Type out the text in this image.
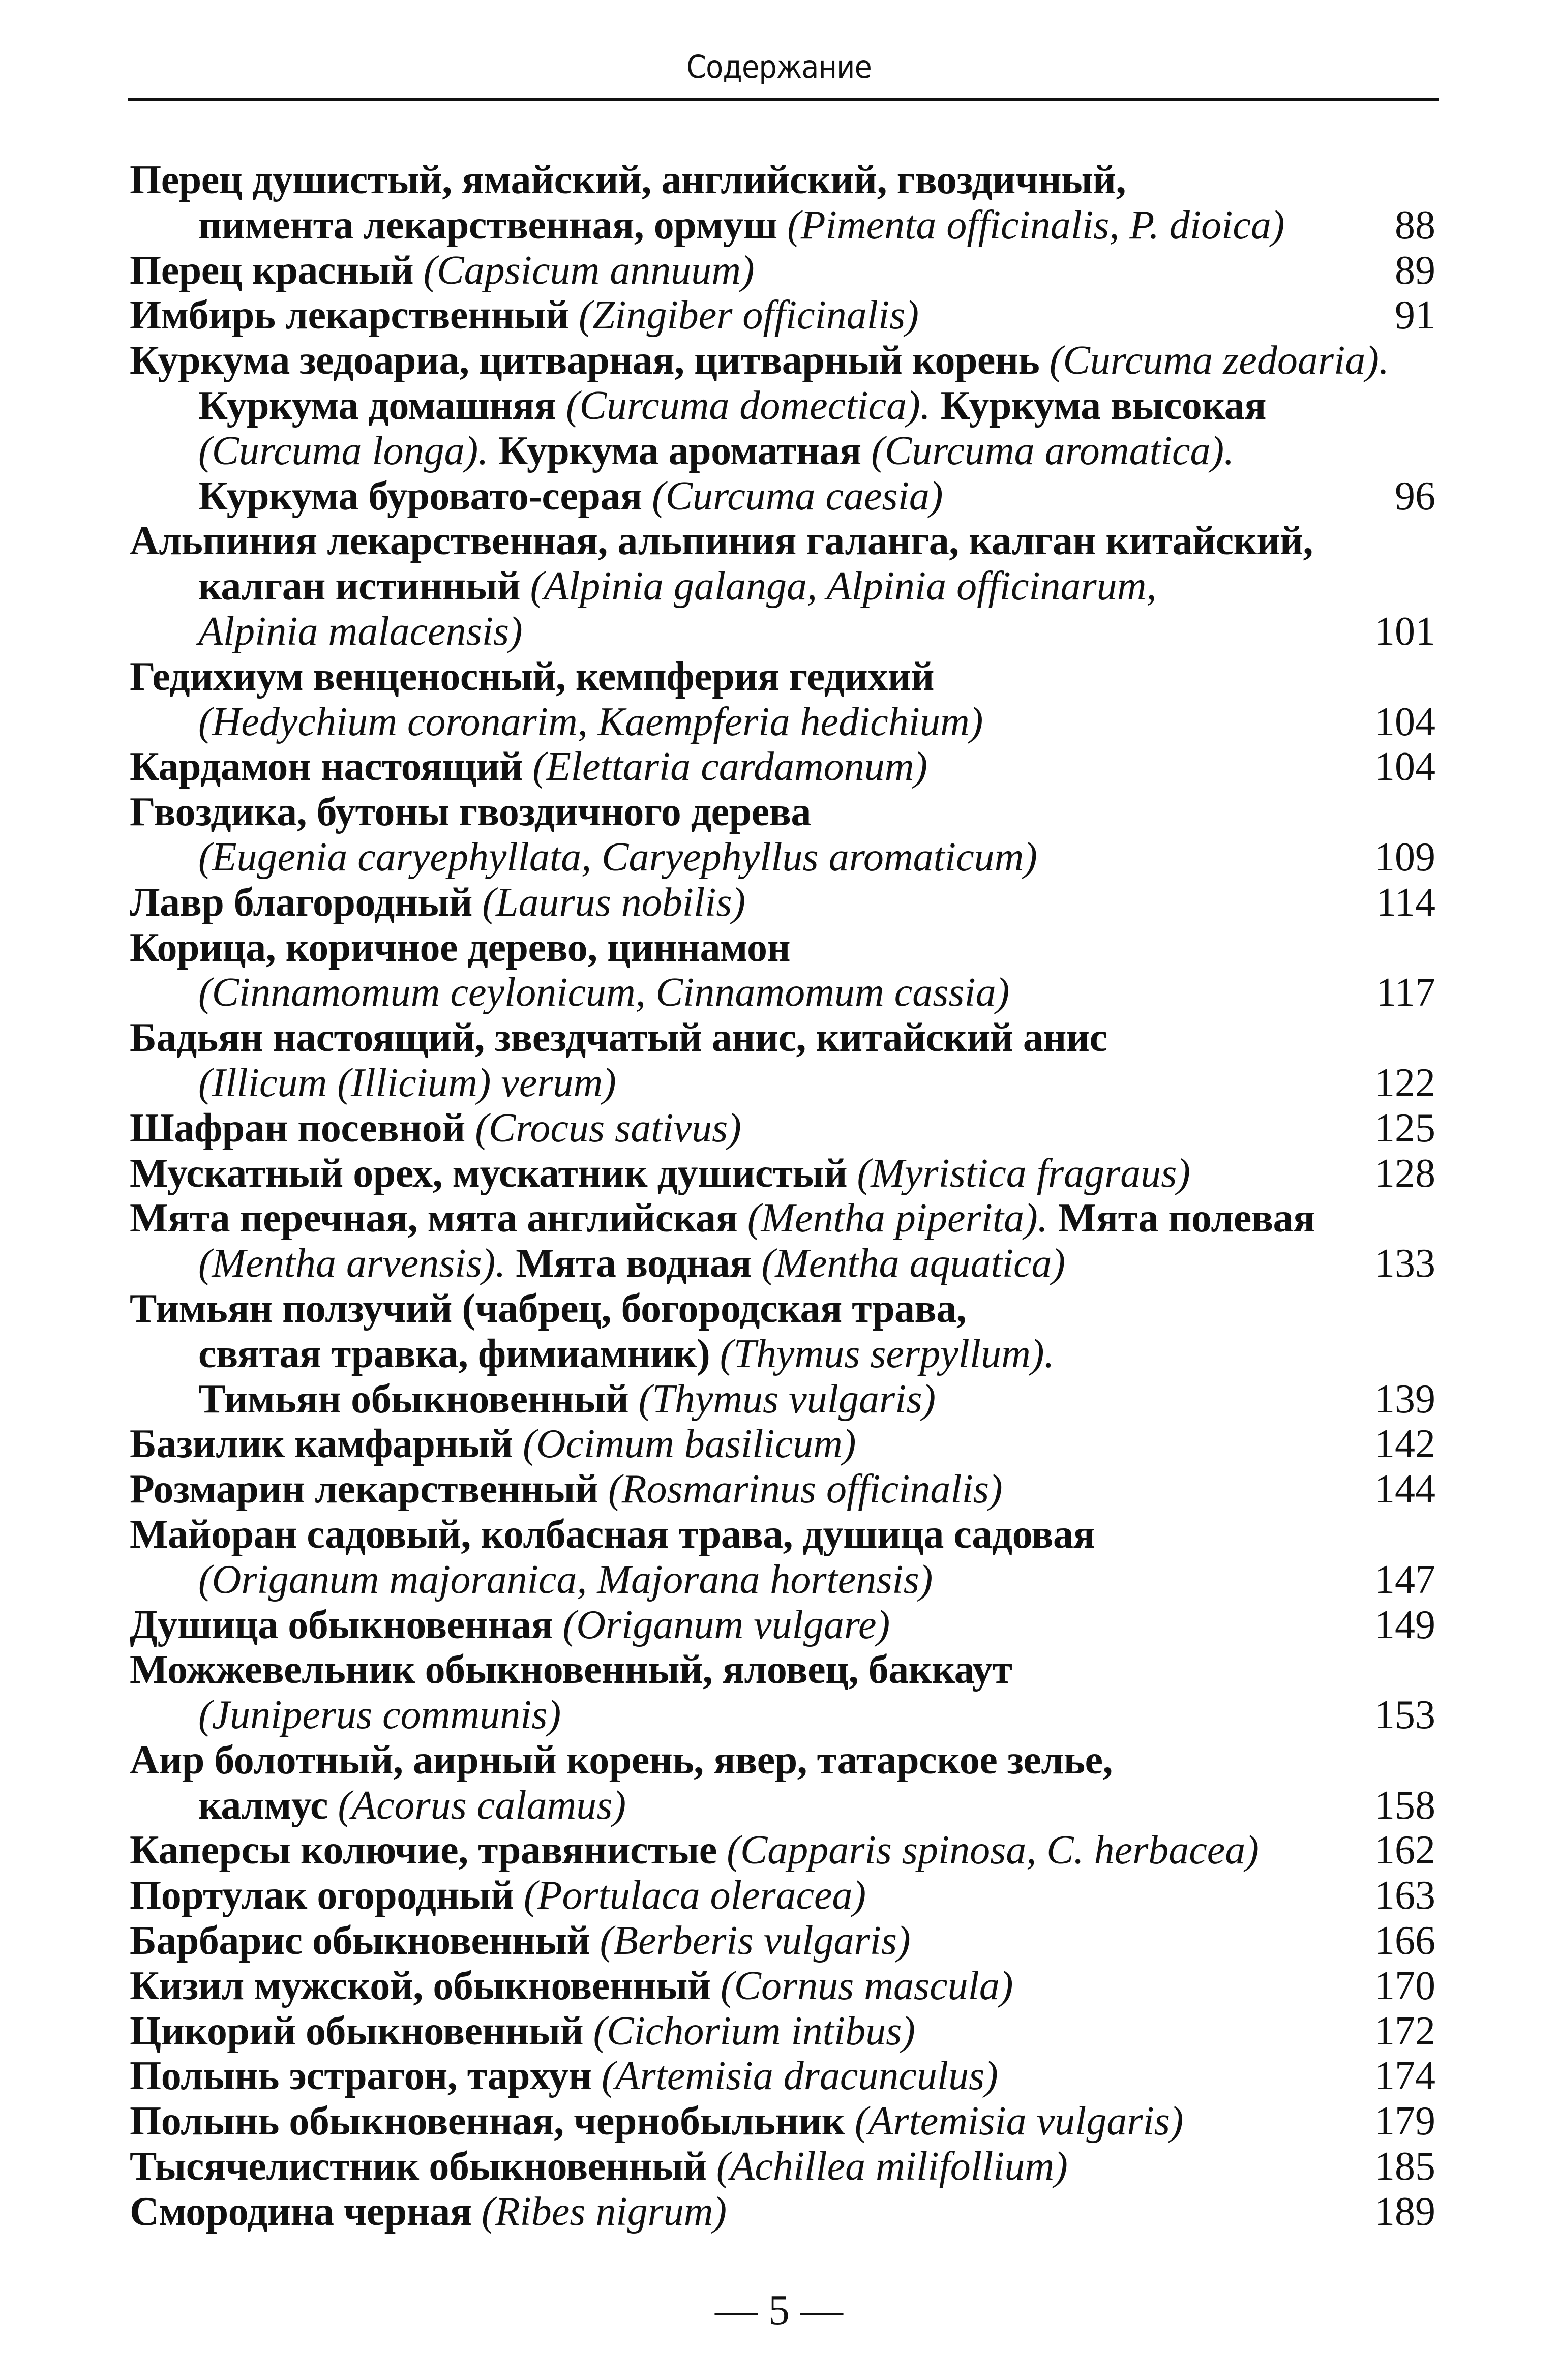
Содержание
Перец душистый, ямайский, английский, гвоздичный,
пимента лекарственная, ормуш (Pimenta officinalis, P. dioica)	88
Перец красный (Capsicum annuum)	89
Имбирь лекарственный (Zingiber officinalis)	91
Куркума зедоариа, цитварная, цитварный корень (Curcuma zedoaria).
Куркума домашняя (Curcuma domectica). Куркума высокая
(Curcuma longa). Куркума ароматная (Curcuma aromatica).
Куркума буровато-серая (Curcuma caesia)	96
Альпиния лекарственная, альпиния галанга, калган китайский,
калган истинный (Alpinia galanga, Alpinia officinarum,
Alpinia malacensis)	101
Гедихиум венценосный, кемпферия гедихий
(Hedychium coronarim, Kaempferia hedichium)	104
Кардамон настоящий (Elettaria cardamonum)	104
Гвоздика, бутоны гвоздичного дерева
(Eugenia caryephyllata, Caryephyllus aromaticum)	109
Лавр благородный (Laurus nobilis)	114
Корица, коричное дерево, циннамон
(Cinnamomum ceylonicum, Cinnamomum cassia)	117
Бадьян настоящий, звездчатый анис, китайский анис
(Illicum (Illicium) verum)	122
Шафран посевной (Crocus sativus)	125
Мускатный орех, мускатник душистый (Myristica fragraus)	128
Мята перечная, мята английская (Mentha piperita). Мята полевая
(Mentha arvensis). Мята водная (Mentha aquatica)	133
Тимьян ползучий (чабрец, богородская трава,
святая травка, фимиамник) (Thymus serpyllum).
Тимьян обыкновенный (Thymus vulgaris)	139
Базилик камфарный (Ocimum basilicum)	142
Розмарин лекарственный (Rosmarinus officinalis)	144
Майоран садовый, колбасная трава, душица садовая
(Origanum majoranica, Majorana hortensis)	147
Душица обыкновенная (Origanum vulgare)	149
Можжевельник обыкновенный, яловец, баккаут
(Juniperus communis)	153
Аир болотный, аирный корень, явер, татарское зелье,
калмус (Acorus calamus)	158
Каперсы колючие, травянистые (Capparis spinosa, C. herbacea)	162
Портулак огородный (Portulaca oleracea)	163
Барбарис обыкновенный (Berberis vulgaris)	166
Кизил мужской, обыкновенный (Cornus mascula)	170
Цикорий обыкновенный (Cichorium intibus)	172
Полынь эстрагон, тархун (Artemisia dracunculus)	174
Полынь обыкновенная, чернобыльник (Artemisia vulgaris)	179
Тысячелистник обыкновенный (Achillea milifollium)	185
Смородина черная (Ribes nigrum)	189
— 5 —
